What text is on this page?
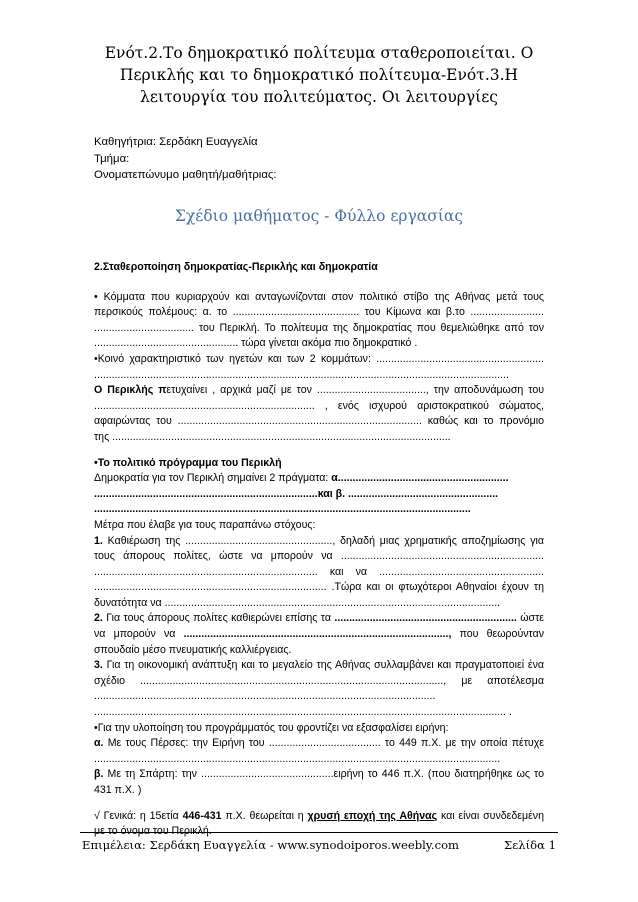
Ενότ.2.Το δημοκρατικό πολίτευμα σταθεροποιείται. Ο Περικλής και το δημοκρατικό πολίτευμα-Ενότ.3.Η λειτουργία του πολιτεύματος. Οι λειτουργίες
Καθηγήτρια: Σερδάκη Ευαγγελία
Τμήμα:
Ονοματεπώνυμο μαθητή/μαθήτριας:
Σχέδιο μαθήματος - Φύλλο εργασίας

2.Σταθεροποίηση δημοκρατίας-Περικλής και δημοκρατία

• Κόμματα που κυριαρχούν και ανταγωνίζονται στον πολιτικό στίβο της Αθήνας μετά τους περσικούς πολέμους: α. το ........................................... του Κίμωνα και β.το ......................... .................................. του Περικλή. Το πολίτευμα της δημοκρατίας που θεμελιώθηκε από τον ................................................. τώρα γίνεται ακόμα πιο δημοκρατικό .

•Κοινό χαρακτηριστικό των ηγετών και των 2 κομμάτων: ......................................................... .............................................................................................................................................

Ο Περικλής πετυχαίνει , αρχικά μαζί με τον ....................................., την αποδυνάμωση του ........................................................................... , ενός ισχυρού αριστοκρατικού σώματος, αφαιρώντας του ................................................................................... καθώς και το προνόμιο της ...................................................................................................................

•Το πολιτικό πρόγραμμα του Περικλή

Δημοκρατία για τον Περικλή σημαίνει 2 πράγματα: α..........................................................

............................................................................και β. ...................................................

................................................................................................................................

Μέτρα που έλαβε για τους παραπάνω στόχους:

1. Καθιέρωση της .................................................., δηλαδή μιας χρηματικής αποζημίωσης για τους άπορους πολίτες, ώστε να μπορούν να ..................................................................... ............................................................................ και να ........................................................ ............................................................................... .Τώρα και οι φτωχότεροι Αθηναίοι έχουν τη δυνατότητα να ..................................................................................................................

2. Για τους άπορους πολίτες καθιερώνει επίσης τα .............................................................. ώστε να μπορούν να .........................................................................................., που θεωρούνταν σπουδαίο μέσο πνευματικής καλλιέργειας.

3. Για τη οικονομική ανάπτυξη και το μεγαλείο της Αθήνας συλλαμβάνει και πραγματοποιεί ένα σχέδιο ......................................................................................................., με αποτέλεσμα .................................................................................................................... ............................................................................................................................................ .

•Για την υλοποίηση του προγράμματός του φροντίζει να εξασφαλίσει ειρήνη:

α. Με τους Πέρσες: την Ειρήνη του ...................................... το 449 π.Χ. με την οποία πέτυχε ..........................................................................................................................................

β. Με τη Σπάρτη: την .............................................ειρήνη το 446 π.Χ. (που διατηρήθηκε ως το 431 π.Χ. )

√ Γενικά: η 15ετία 446-431 π.Χ. θεωρείται η χρυσή εποχή της Αθήνας και είναι συνδεδεμένη με το όνομα του Περικλή.

Επιμέλεια: Σερδάκη Ευαγγελία - www.synodoiporos.weebly.com	Σελίδα 1
